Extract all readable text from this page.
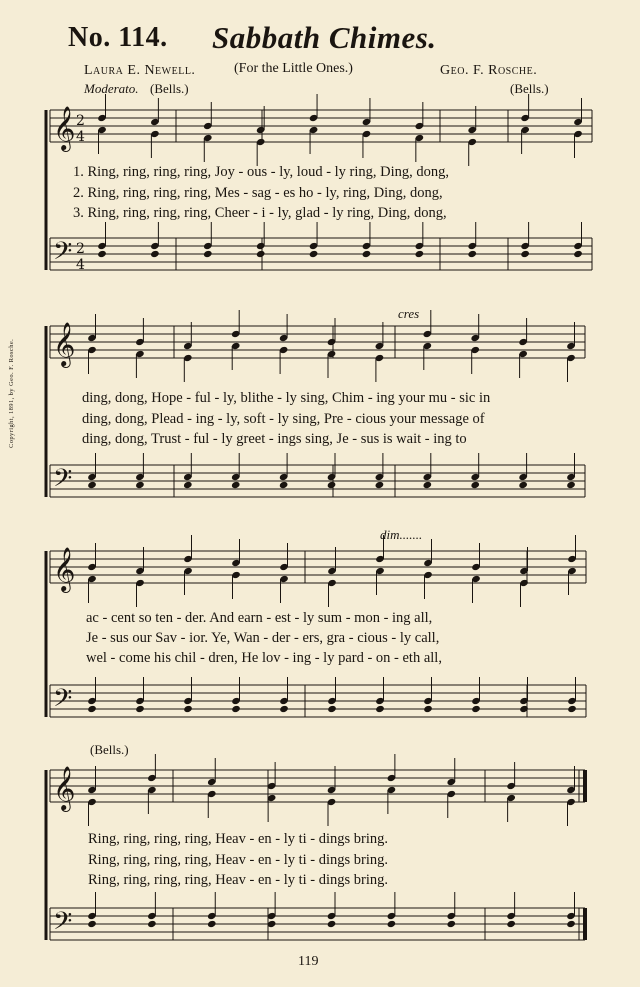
No. 114. Sabbath Chimes.
Laura E. Newell.	(For the Little Ones.)	Geo. F. Rosche.
Moderato. (Bells.)	(Bells.)
cres
dim.......
(Bells.)
1. Ring, ring, ring, ring, Joy - ous - ly, loud - ly ring, Ding, dong,
2. Ring, ring, ring, ring, Mes - sag - es ho - ly, ring, Ding, dong,
3. Ring, ring, ring, ring, Cheer - i - ly, glad - ly ring, Ding, dong,
ding, dong, Hope - ful - ly, blithe - ly sing, Chim - ing your mu - sic in
ding, dong, Plead - ing - ly, soft - ly sing, Pre - cious your message of
ding, dong, Trust - ful - ly greet - ings sing, Je - sus is wait - ing to
ac - cent so ten - der. And earn - est - ly sum - mon - ing all,
Je - sus our Sav - ior. Ye, Wan - der - ers, gra - cious - ly call,
wel - come his chil - dren, He lov - ing - ly pard - on - eth all,
Ring, ring, ring, ring, Heav - en - ly ti - dings bring.
Ring, ring, ring, ring, Heav - en - ly ti - dings bring.
Ring, ring, ring, ring, Heav - en - ly ti - dings bring.
Copyright, 1891, by Geo. F. Rosche.
119
𝄞
𝄢
2
4
2
4
𝄞
𝄢
𝄞
𝄢
𝄞
𝄢
